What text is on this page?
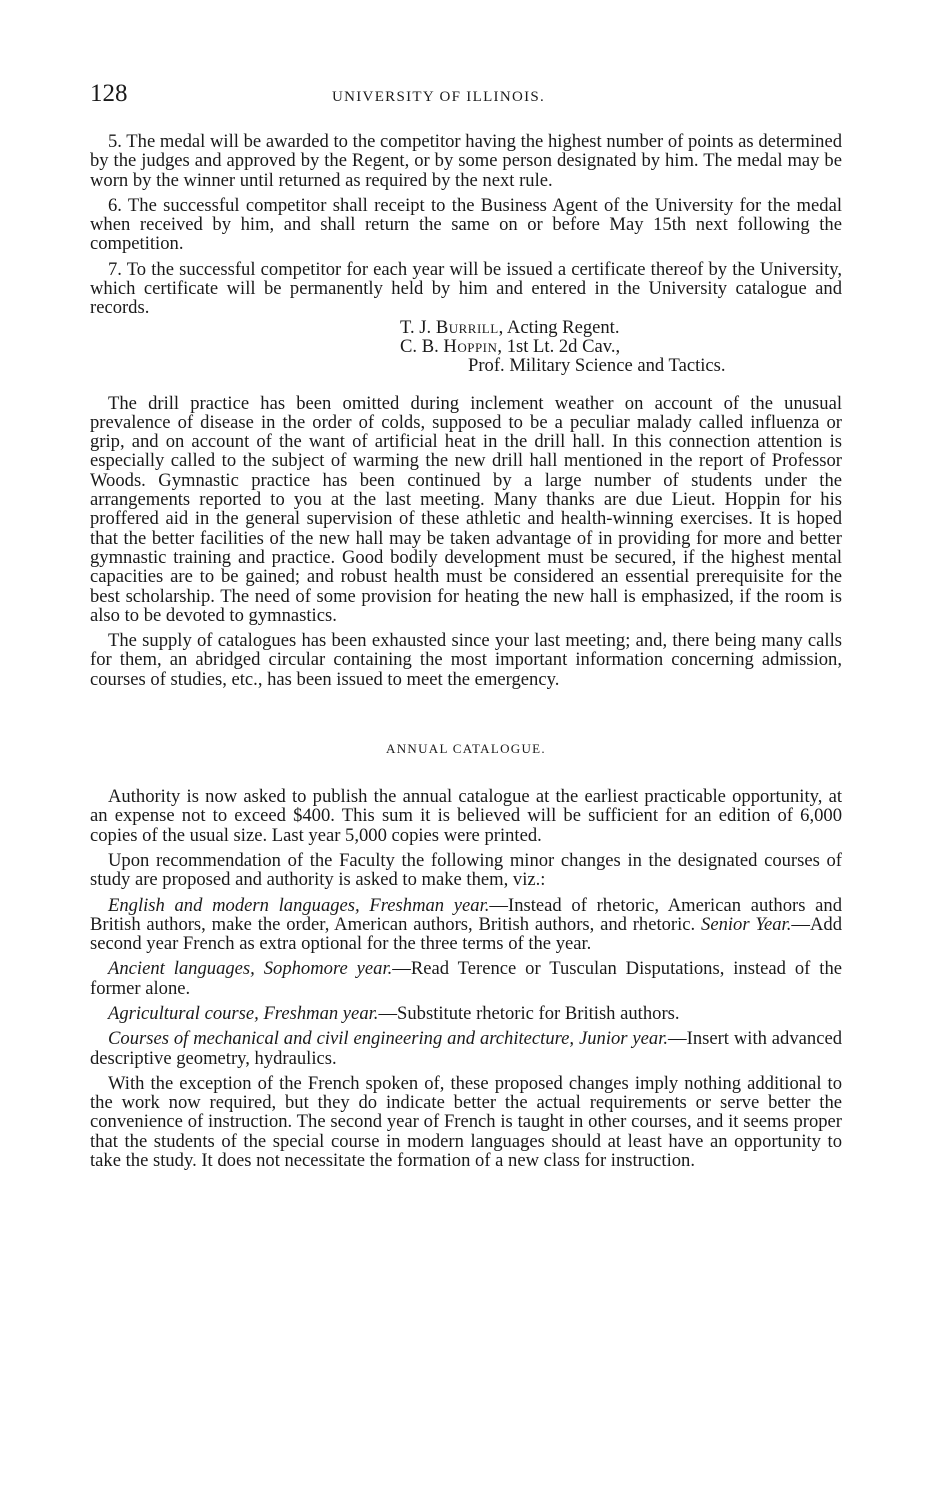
128	UNIVERSITY OF ILLINOIS.

5. The medal will be awarded to the competitor having the highest number of points as determined by the judges and approved by the Regent, or by some person designated by him. The medal may be worn by the winner until returned as required by the next rule.

6. The successful competitor shall receipt to the Business Agent of the University for the medal when received by him, and shall return the same on or before May 15th next following the competition.

7. To the successful competitor for each year will be issued a certificate thereof by the University, which certificate will be permanently held by him and entered in the University catalogue and records.

T. J. Burrill, Acting Regent.
C. B. Hoppin, 1st Lt. 2d Cav.,
Prof. Military Science and Tactics.

The drill practice has been omitted during inclement weather on account of the unusual prevalence of disease in the order of colds, supposed to be a peculiar malady called influenza or grip, and on account of the want of artificial heat in the drill hall. In this connection attention is especially called to the subject of warming the new drill hall mentioned in the report of Professor Woods. Gymnastic practice has been continued by a large number of students under the arrangements reported to you at the last meeting. Many thanks are due Lieut. Hoppin for his proffered aid in the general supervision of these athletic and health-winning exercises. It is hoped that the better facilities of the new hall may be taken advantage of in providing for more and better gymnastic training and practice. Good bodily development must be secured, if the highest mental capacities are to be gained; and robust health must be considered an essential prerequisite for the best scholarship. The need of some provision for heating the new hall is emphasized, if the room is also to be devoted to gymnastics.

The supply of catalogues has been exhausted since your last meeting; and, there being many calls for them, an abridged circular containing the most important information concerning admission, courses of studies, etc., has been issued to meet the emergency.

ANNUAL CATALOGUE.

Authority is now asked to publish the annual catalogue at the earliest practicable opportunity, at an expense not to exceed $400. This sum it is believed will be sufficient for an edition of 6,000 copies of the usual size. Last year 5,000 copies were printed.

Upon recommendation of the Faculty the following minor changes in the designated courses of study are proposed and authority is asked to make them, viz.:

English and modern languages, Freshman year.—Instead of rhetoric, American authors and British authors, make the order, American authors, British authors, and rhetoric. Senior Year.—Add second year French as extra optional for the three terms of the year.

Ancient languages, Sophomore year.—Read Terence or Tusculan Disputations, instead of the former alone.

Agricultural course, Freshman year.—Substitute rhetoric for British authors.

Courses of mechanical and civil engineering and architecture, Junior year.—Insert with advanced descriptive geometry, hydraulics.

With the exception of the French spoken of, these proposed changes imply nothing additional to the work now required, but they do indicate better the actual requirements or serve better the convenience of instruction. The second year of French is taught in other courses, and it seems proper that the students of the special course in modern languages should at least have an opportunity to take the study. It does not necessitate the formation of a new class for instruction.
